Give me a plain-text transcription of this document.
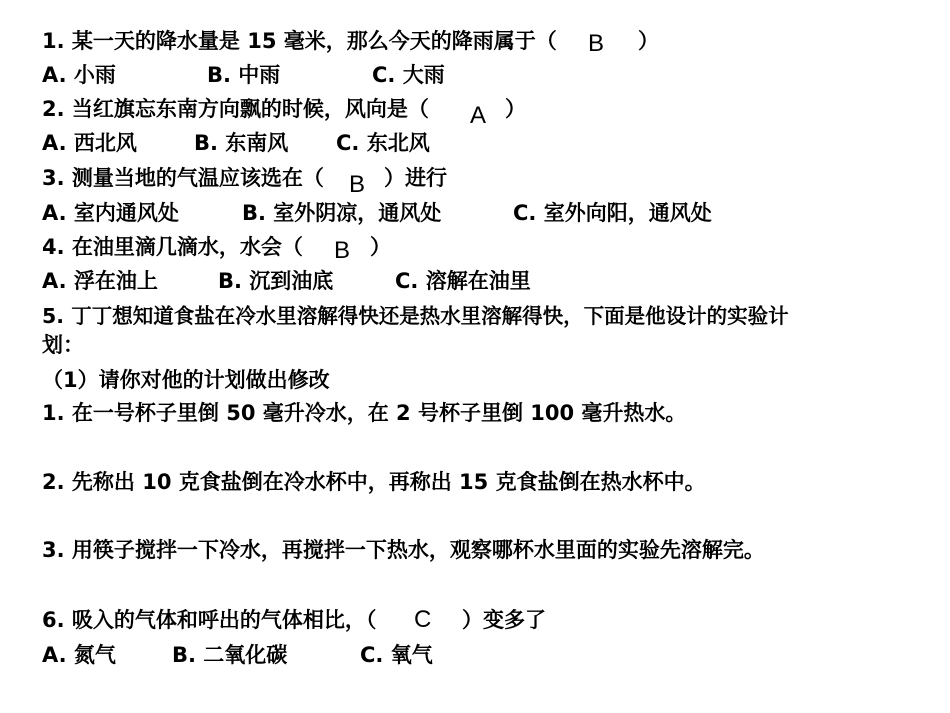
1. 某一天的降水量是 15 毫米，那么今天的降雨属于（ B ）
A. 小雨	B. 中雨	C. 大雨
2. 当红旗忘东南方向飘的时候，风向是（ A ）
A. 西北风	B. 东南风 C. 东北风
3. 测量当地的气温应该选在（ B ）进行
A. 室内通风处	B. 室外阴凉，通风处	C. 室外向阳，通风处
4. 在油里滴几滴水，水会（ B ）
A. 浮在油上	B. 沉到油底	C. 溶解在油里
5. 丁丁想知道食盐在冷水里溶解得快还是热水里溶解得快，下面是他设计的实验计
划：
（1）请你对他的计划做出修改
1. 在一号杯子里倒 50 毫升冷水，在 2 号杯子里倒 100 毫升热水。
2. 先称出 10 克食盐倒在冷水杯中，再称出 15 克食盐倒在热水杯中。
3. 用筷子搅拌一下冷水，再搅拌一下热水，观察哪杯水里面的实验先溶解完。
6. 吸入的气体和呼出的气体相比，（ C ）变多了
A. 氮气	B. 二氧化碳	C. 氧气
